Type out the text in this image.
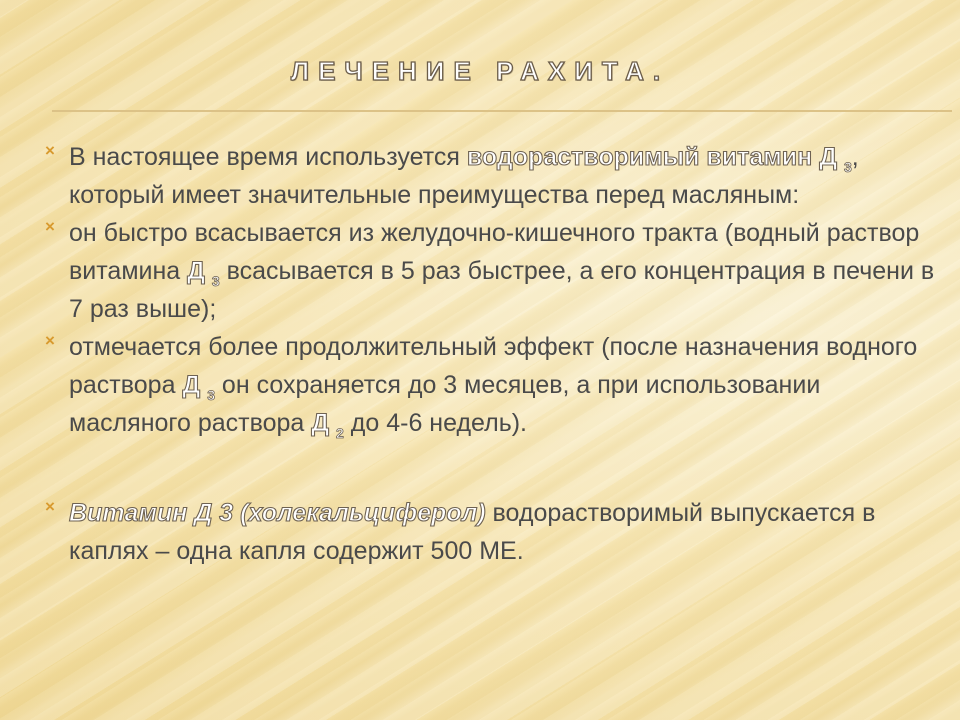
ЛЕЧЕНИЕ РАХИТА.
× В настоящее время используется водорастворимый витамин Д $_3$, который имеет значительные преимущества перед масляным:
× он быстро всасывается из желудочно-кишечного тракта (водный раствор витамина Д $_3$ всасывается в 5 раз быстрее, а его концентрация в печени в 7 раз выше);
× отмечается более продолжительный эффект (после назначения водного раствора Д $_3$ он сохраняется до 3 месяцев, а при использовании масляного раствора Д $_2$ до 4-6 недель).
× Витамин Д 3 (холекальциферол) водорастворимый выпускается в каплях – одна капля содержит 500 МЕ.
